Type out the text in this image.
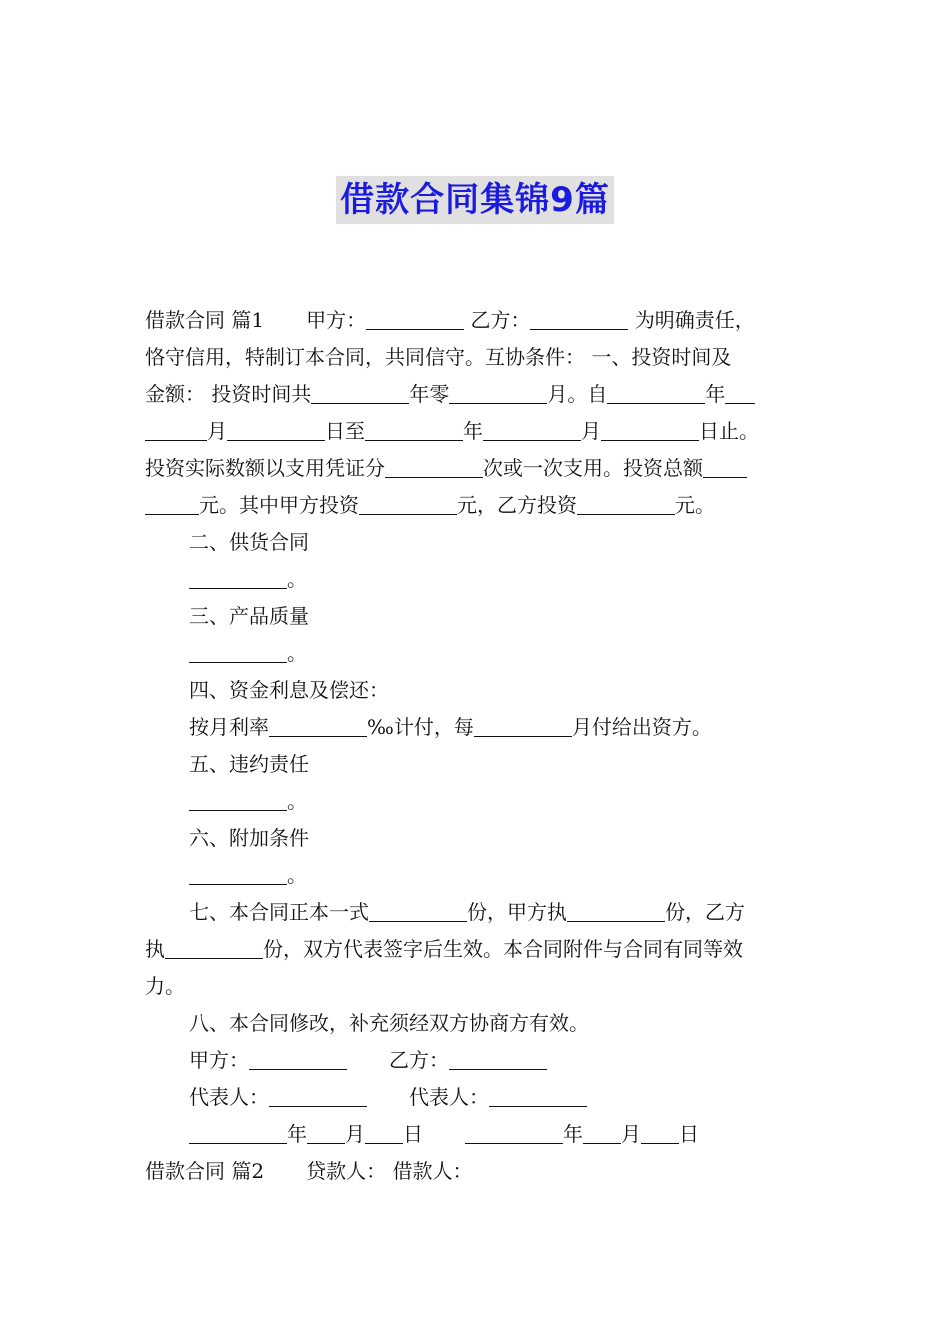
借款合同集锦9篇

借款合同 篇1 甲方：	乙方：	为明确责任，

恪守信用，特制订本合同，共同信守。互协条件： 一、投资时间及

金额： 投资时间共	年零	月。自	年

月	日至	年	月	日止。

投资实际数额以支用凭证分	次或一次支用。投资总额

元。其中甲方投资	元，乙方投资	元。

二、供货合同

。

三、产品质量

。

四、资金利息及偿还：

按月利率	‰计付，每	月付给出资方。

五、违约责任

。

六、附加条件

。

七、本合同正本一式	份，甲方执	份，乙方

执	份，双方代表签字后生效。本合同附件与合同有同等效

力。

八、本合同修改，补充须经双方协商方有效。

甲方：	乙方：

代表人：	代表人：

年 月 日	年 月 日

借款合同 篇2 贷款人： 借款人：
